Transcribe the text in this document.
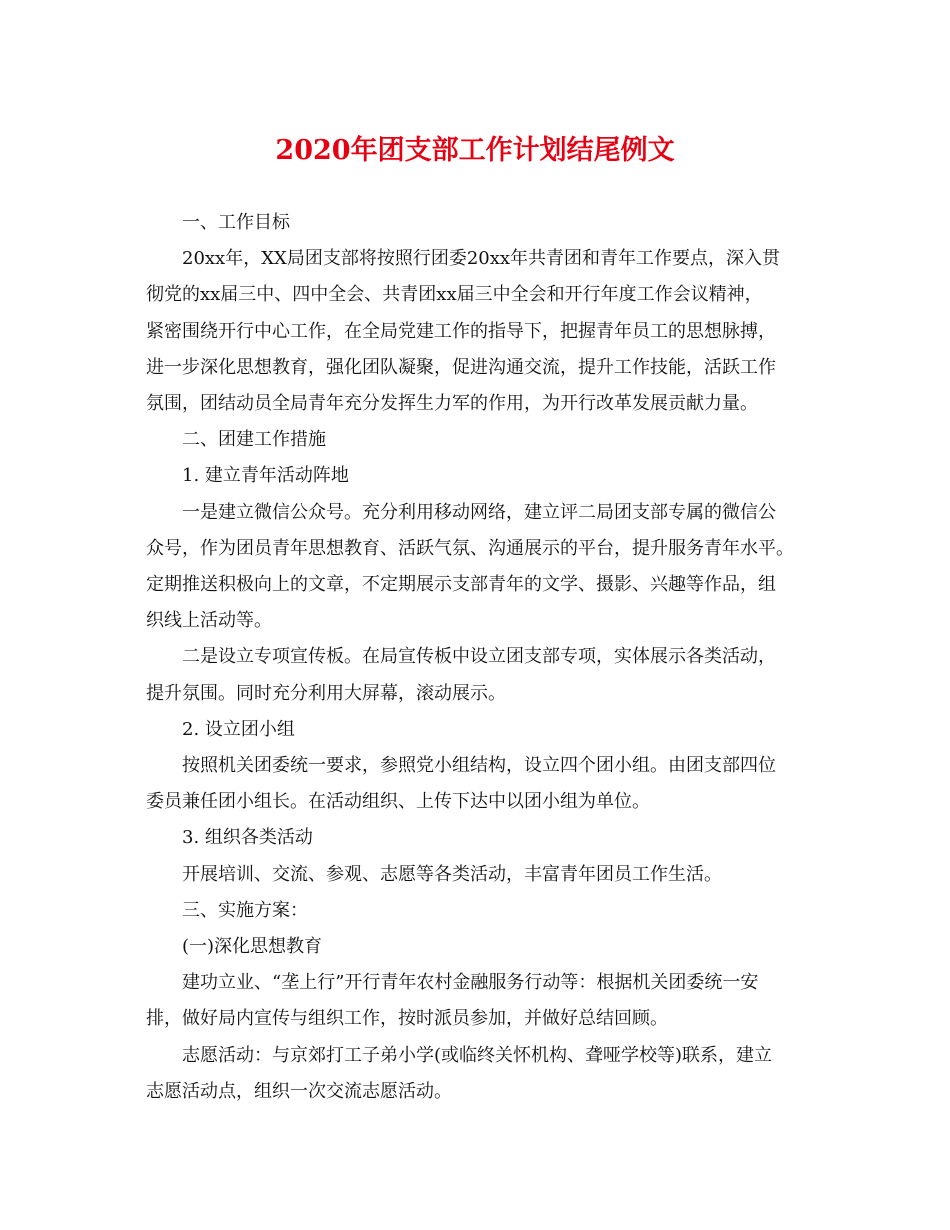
2020年团支部工作计划结尾例文

一、工作目标

20xx年，XX局团支部将按照行团委20xx年共青团和青年工作要点，深入贯
彻党的xx届三中、四中全会、共青团xx届三中全会和开行年度工作会议精神，
紧密围绕开行中心工作，在全局党建工作的指导下，把握青年员工的思想脉搏，
进一步深化思想教育，强化团队凝聚，促进沟通交流，提升工作技能，活跃工作
氛围，团结动员全局青年充分发挥生力军的作用，为开行改革发展贡献力量。

二、团建工作措施

1. 建立青年活动阵地

一是建立微信公众号。充分利用移动网络，建立评二局团支部专属的微信公
众号，作为团员青年思想教育、活跃气氛、沟通展示的平台，提升服务青年水平。
定期推送积极向上的文章，不定期展示支部青年的文学、摄影、兴趣等作品，组
织线上活动等。

二是设立专项宣传板。在局宣传板中设立团支部专项，实体展示各类活动，
提升氛围。同时充分利用大屏幕，滚动展示。

2. 设立团小组

按照机关团委统一要求，参照党小组结构，设立四个团小组。由团支部四位
委员兼任团小组长。在活动组织、上传下达中以团小组为单位。

3. 组织各类活动

开展培训、交流、参观、志愿等各类活动，丰富青年团员工作生活。

三、实施方案：

(一)深化思想教育

建功立业、“垄上行”开行青年农村金融服务行动等：根据机关团委统一安
排，做好局内宣传与组织工作，按时派员参加，并做好总结回顾。

志愿活动：与京郊打工子弟小学(或临终关怀机构、聋哑学校等)联系，建立
志愿活动点，组织一次交流志愿活动。
